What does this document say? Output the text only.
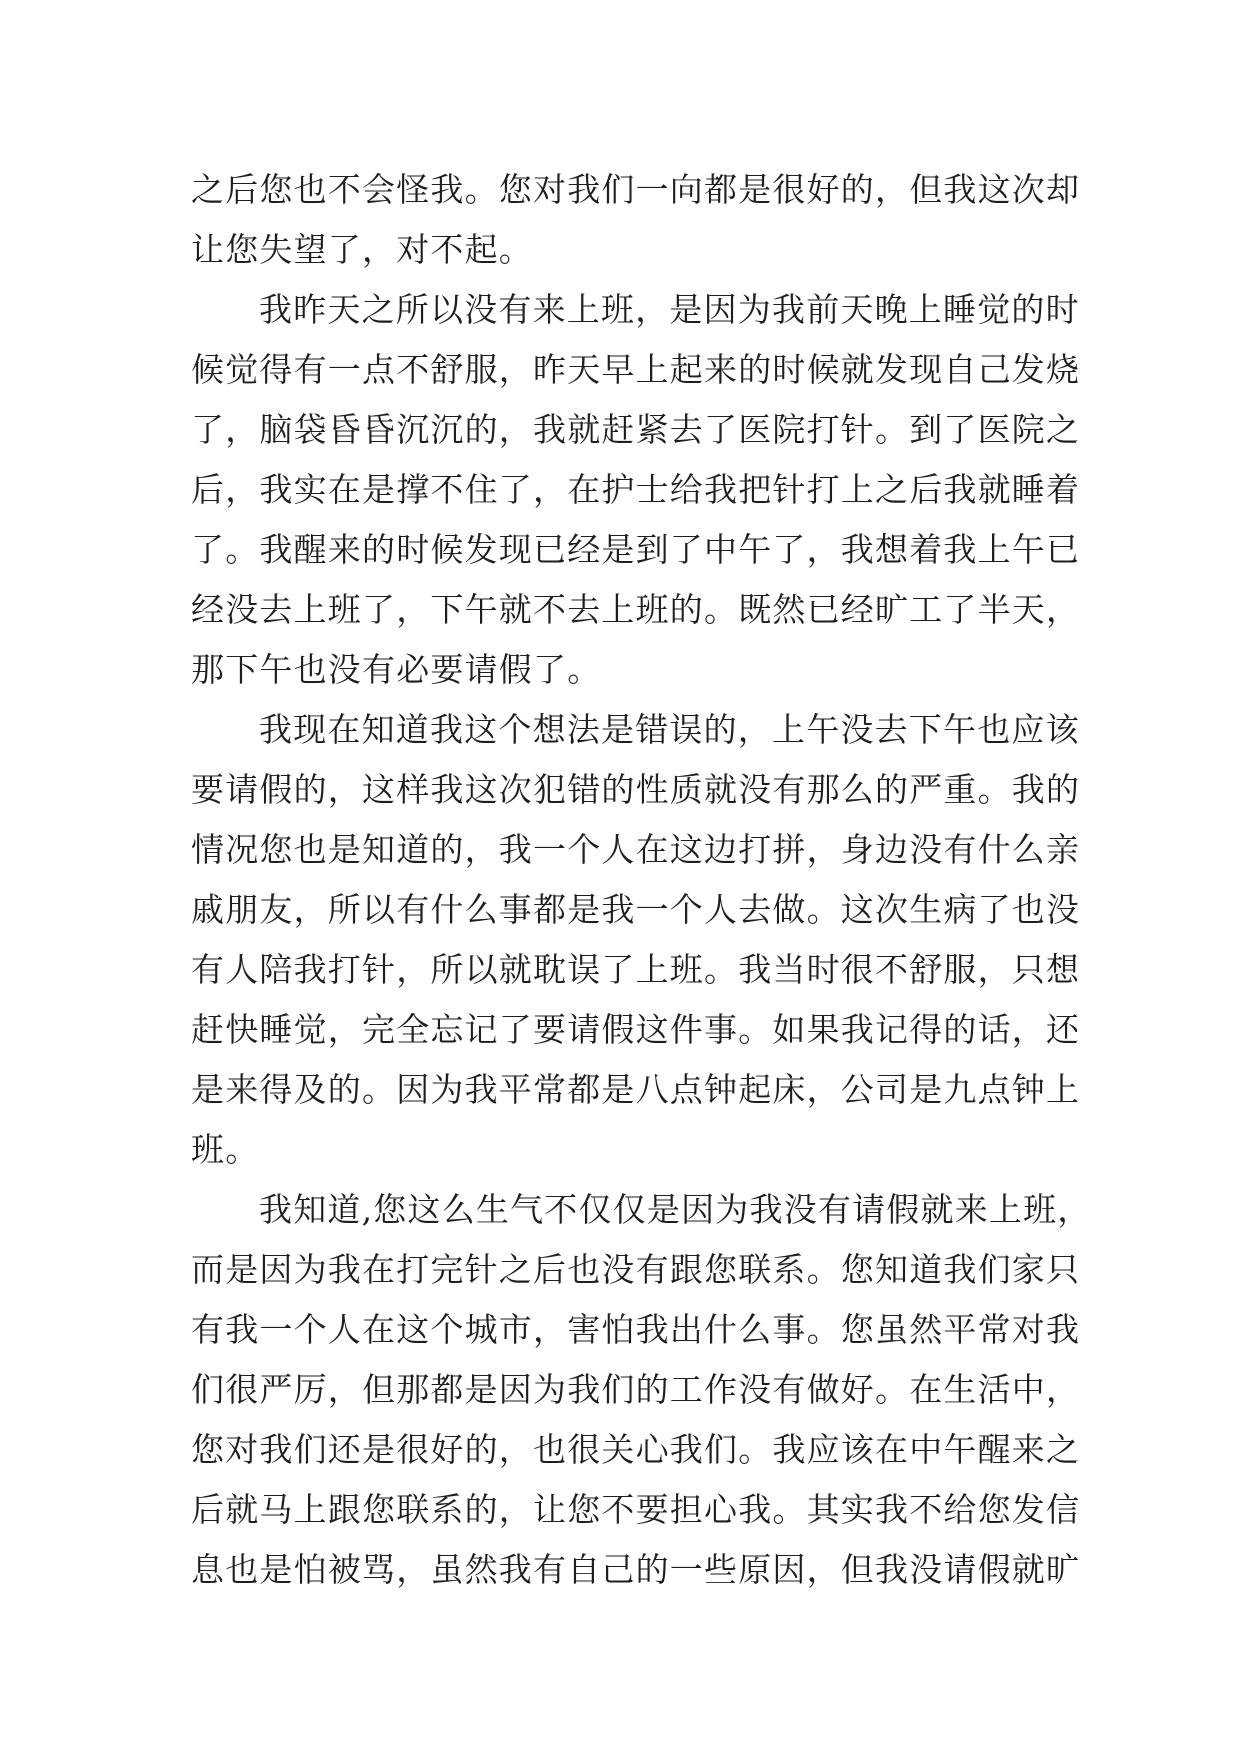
之后您也不会怪我。您对我们一向都是很好的，但我这次却
让您失望了，对不起。
我昨天之所以没有来上班，是因为我前天晚上睡觉的时
候觉得有一点不舒服，昨天早上起来的时候就发现自己发烧
了，脑袋昏昏沉沉的，我就赶紧去了医院打针。到了医院之
后，我实在是撑不住了，在护士给我把针打上之后我就睡着
了。我醒来的时候发现已经是到了中午了，我想着我上午已
经没去上班了，下午就不去上班的。既然已经旷工了半天，
那下午也没有必要请假了。
我现在知道我这个想法是错误的，上午没去下午也应该
要请假的，这样我这次犯错的性质就没有那么的严重。我的
情况您也是知道的，我一个人在这边打拼，身边没有什么亲
戚朋友，所以有什么事都是我一个人去做。这次生病了也没
有人陪我打针，所以就耽误了上班。我当时很不舒服，只想
赶快睡觉，完全忘记了要请假这件事。如果我记得的话，还
是来得及的。因为我平常都是八点钟起床，公司是九点钟上
班。
我知道,您这么生气不仅仅是因为我没有请假就来上班，
而是因为我在打完针之后也没有跟您联系。您知道我们家只
有我一个人在这个城市，害怕我出什么事。您虽然平常对我
们很严厉，但那都是因为我们的工作没有做好。在生活中，
您对我们还是很好的，也很关心我们。我应该在中午醒来之
后就马上跟您联系的，让您不要担心我。其实我不给您发信
息也是怕被骂，虽然我有自己的一些原因，但我没请假就旷
